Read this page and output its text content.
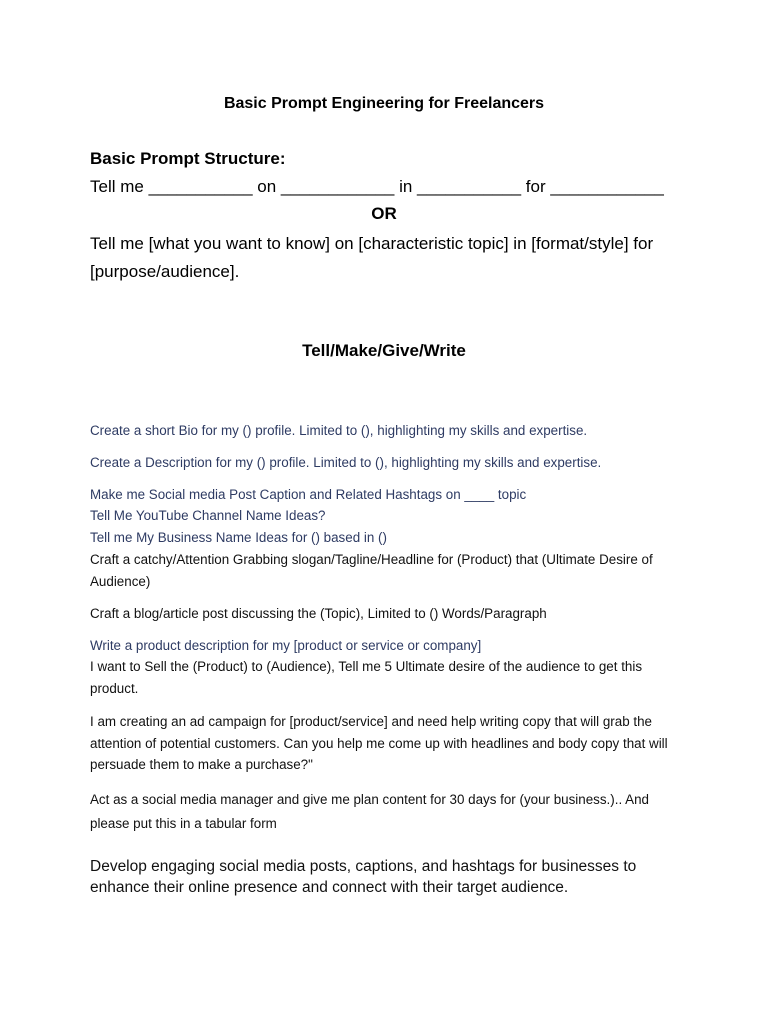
Basic Prompt Engineering for Freelancers
Basic Prompt Structure:
Tell me ___________ on ____________ in ___________ for ____________
OR
Tell me [what you want to know] on [characteristic topic] in [format/style] for [purpose/audience].
Tell/Make/Give/Write
Create a short Bio for my () profile. Limited to (), highlighting my skills and expertise.
Create a Description for my () profile. Limited to (), highlighting my skills and expertise.
Make me Social media Post Caption and Related Hashtags on ____ topic
Tell Me YouTube Channel Name Ideas?
Tell me My Business Name Ideas for () based in ()
Craft a catchy/Attention Grabbing slogan/Tagline/Headline for (Product) that (Ultimate Desire of Audience)
Craft a blog/article post discussing the (Topic), Limited to () Words/Paragraph
Write a product description for my [product or service or company]
I want to Sell the (Product) to (Audience), Tell me 5 Ultimate desire of the audience to get this product.
I am creating an ad campaign for [product/service] and need help writing copy that will grab the attention of potential customers. Can you help me come up with headlines and body copy that will persuade them to make a purchase?"
Act as a social media manager and give me plan content for 30 days for (your business.).. And please put this in a tabular form
Develop engaging social media posts, captions, and hashtags for businesses to enhance their online presence and connect with their target audience.
